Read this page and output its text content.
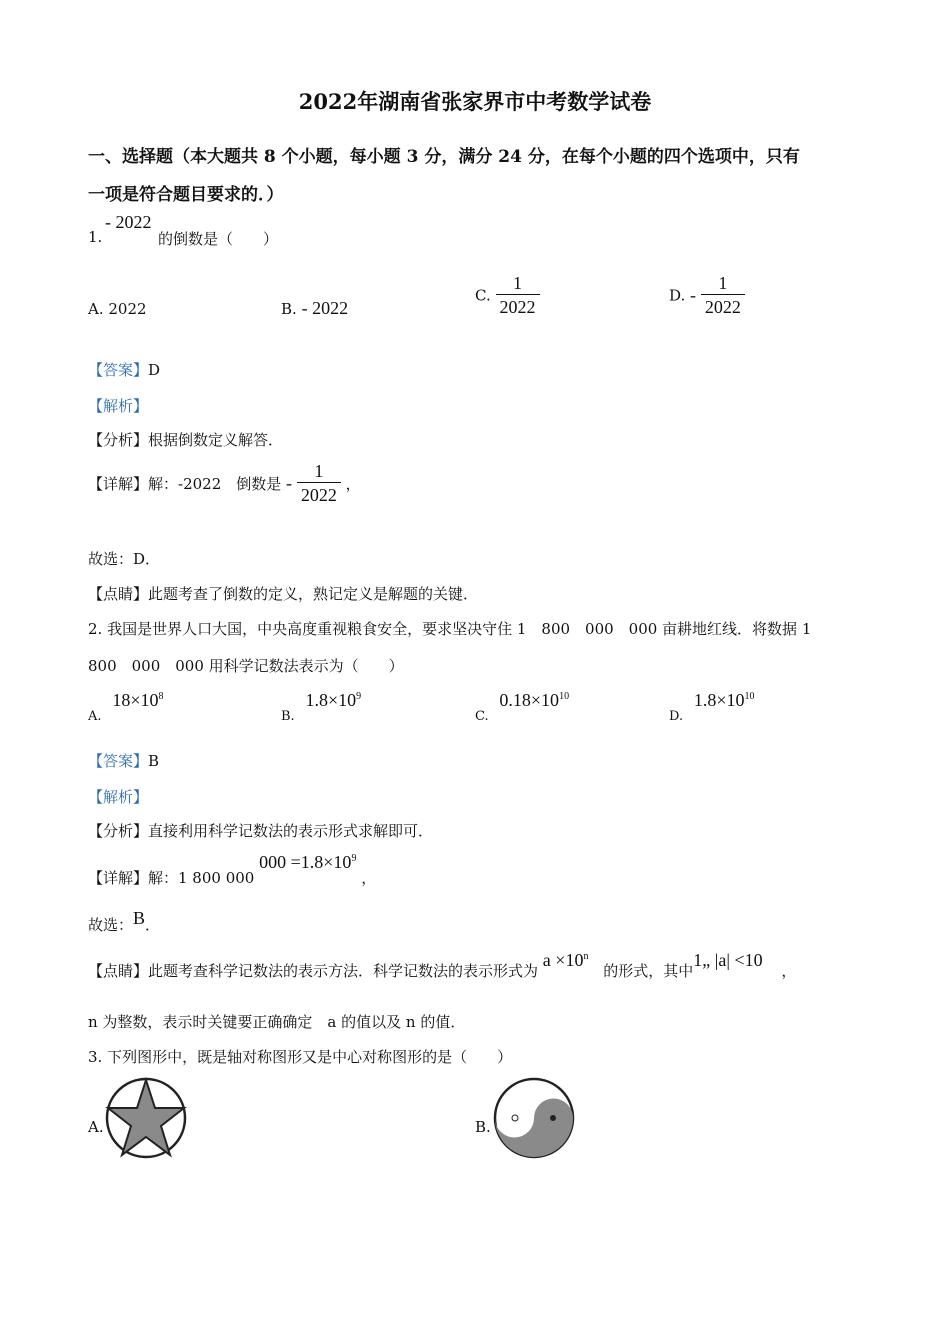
2022年湖南省张家界市中考数学试卷
一、选择题（本大题共 8 个小题，每小题 3 分，满分 24 分，在每个小题的四个选项中，只有
一项是符合题目要求的．）
1.
- 2022
的倒数是（　　）
A. 2022	B. - 2022
C. $\frac{1}{2022}$	D. - $\frac{1}{2022}$
【答案】D
【解析】
【分析】根据倒数定义解答．
【详解】解：-2022　倒数是 - $\frac{1}{2022}$ ，
故选：D．
【点睛】此题考查了倒数的定义，熟记定义是解题的关键．
2. 我国是世界人口大国，中央高度重视粮食安全，要求坚决守住 1　800　000　000 亩耕地红线．将数据 1
800　000　000 用科学记数法表示为（　　）
A. $18\times 10^8$
B. $1.8\times 10^9$
C. $0.18\times 10^{10}$
D. $1.8\times 10^{10}$
【答案】B
【解析】
【分析】直接利用科学记数法的表示形式求解即可．
【详解】解：1 800 000 $000 =1.8\times 10^9$ ，
故选：B．
【点睛】此题考查科学记数法的表示方法．科学记数法的表示形式为 $a \times 10^n$ 的形式，其中1„ |a| <10 ，
n 为整数，表示时关键要正确确定　a 的值以及 n 的值．
3. 下列图形中，既是轴对称图形又是中心对称图形的是（　　）
A.	B.
